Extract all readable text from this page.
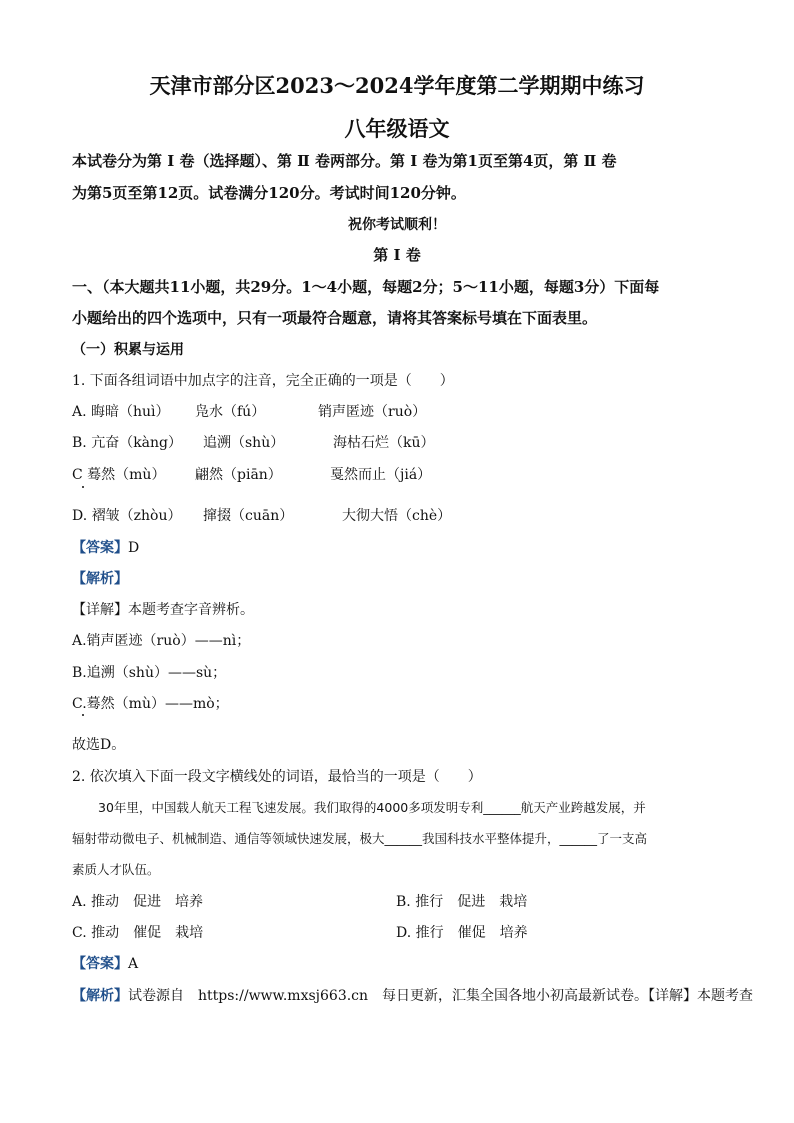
天津市部分区2023～2024学年度第二学期期中练习
八年级语文
本试卷分为第 Ⅰ 卷（选择题）、第 Ⅱ 卷两部分。第 Ⅰ 卷为第1页至第4页，第 Ⅱ 卷
为第5页至第12页。试卷满分120分。考试时间120分钟。
祝你考试顺利！
第 Ⅰ 卷
一、（本大题共11小题，共29分。1～4小题，每题2分；5～11小题，每题3分）下面每
小题给出的四个选项中，只有一项最符合题意，请将其答案标号填在下面表里。
（一）积累与运用
1. 下面各组词语中加点字的注音，完全正确的一项是（　　）
A. 晦暗（huì） 凫水（fú）	销声匿迹（ruò）
B. 亢奋（kàng） 追溯（shù）	海枯石烂（kū）
C 蓦然（mù） 翩然（piān）	戛然而止（jiá）
D. 褶皱（zhòu） 撺掇（cuān）	大彻大悟（chè）
【答案】D
【解析】
【详解】本题考查字音辨析。
A.销声匿迹（ruò）——nì；
B.追溯（shù）——sù；
C.蓦然（mù）——mò；
故选D。
2. 依次填入下面一段文字横线处的词语，最恰当的一项是（　　）
30年里，中国载人航天工程飞速发展。我们取得的4000多项发明专利______航天产业跨越发展，并
辐射带动微电子、机械制造、通信等领域快速发展，极大______我国科技水平整体提升，______了一支高
素质人才队伍。
A. 推动　促进　培养	B. 推行　促进　栽培
C. 推动　催促　栽培	D. 推行　催促　培养
【答案】A
【解析】试卷源自　https://www.mxsj663.cn　每日更新，汇集全国各地小初高最新试卷。【详解】本题考查
